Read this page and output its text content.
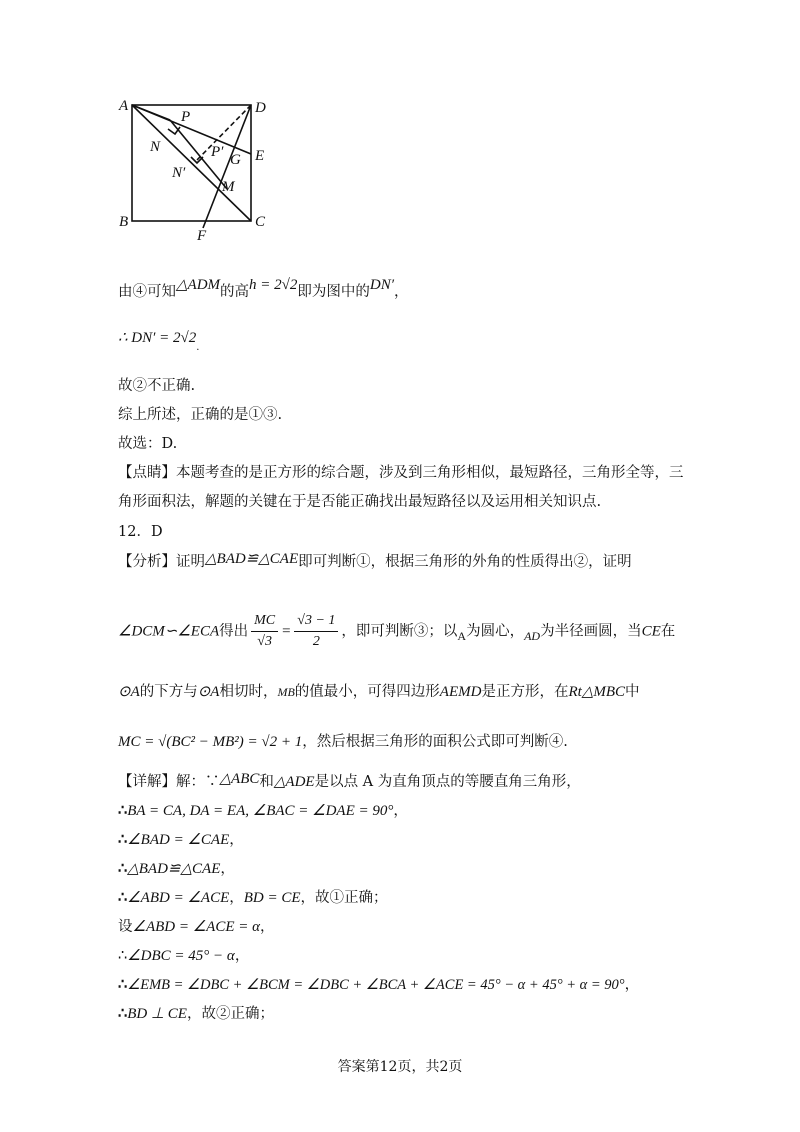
A	D
P
N	P′ G E
N′
M
B	C
F
由④可知△ADM的高h = 2√2即为图中的DN′，
∴ $DN' = 2√2_.$
故②不正确.
综上所述，正确的是①③.
故选：D.
【点睛】本题考查的是正方形的综合题，涉及到三角形相似，最短路径，三角形全等，三
角形面积法，解题的关键在于是否能正确找出最短路径以及运用相关知识点.
12．D
【分析】证明△BAD≌△CAE即可判断①，根据三角形的外角的性质得出②，证明
∠DCM∽∠ECA得出 $\frac{MC}{√3} = \frac{√3 - 1}{2}$ ，即可判断③；以$_A$为圆心，$_{AD}$为半径画圆，当CE在
⊙A的下方与⊙A相切时，MB的值最小，可得四边形AEMD是正方形，在Rt△MBC中
MC = √(BC² − MB²) = √2 + 1，然后根据三角形的面积公式即可判断④.
【详解】解：∵△ABC和△ADE是以点 A 为直角顶点的等腰直角三角形，
∴BA = CA, DA = EA, ∠BAC = ∠DAE = 90°，
∴∠BAD = ∠CAE，
∴△BAD≌△CAE，
∴∠ABD = ∠ACE，BD = CE，故①正确；
设∠ABD = ∠ACE = α，
∴∠DBC = 45° − α，
∴∠EMB = ∠DBC + ∠BCM = ∠DBC + ∠BCA + ∠ACE = 45° − α + 45° + α = 90°，
∴BD ⊥ CE，故②正确；
答案第12页，共2页
